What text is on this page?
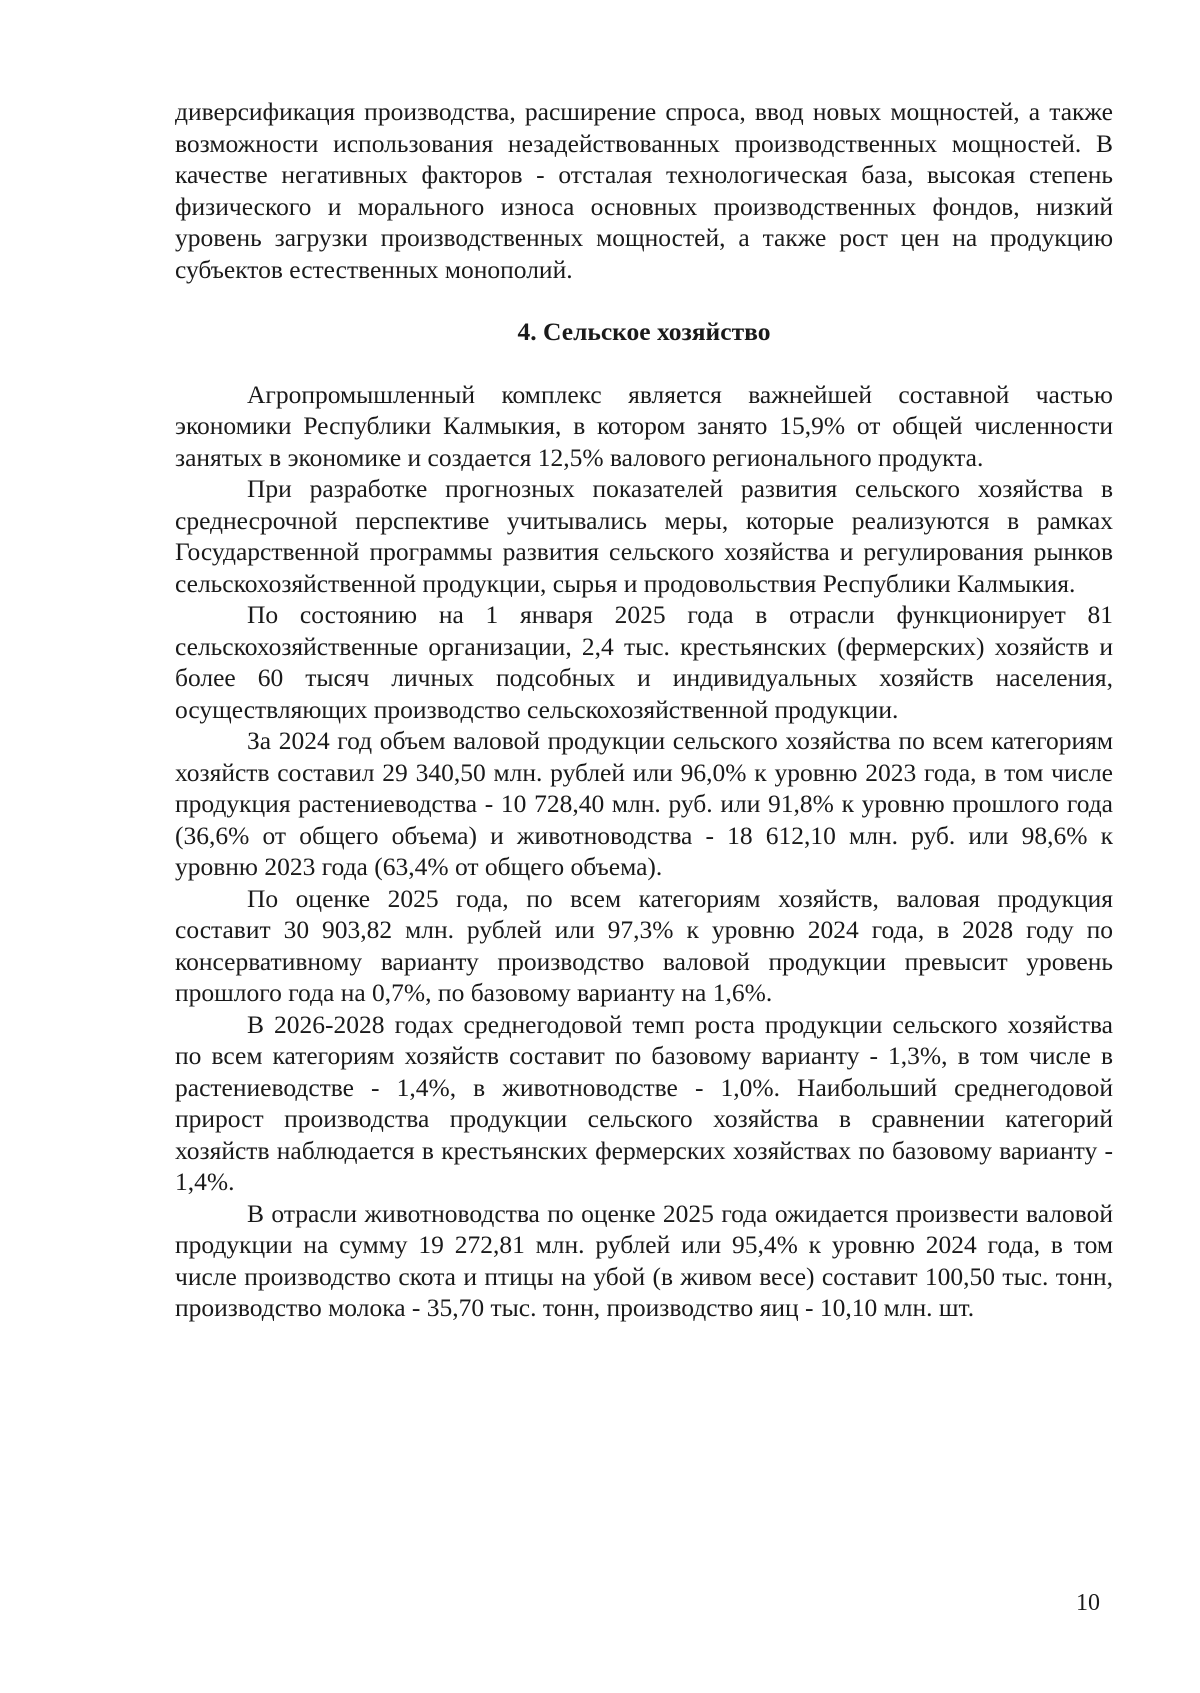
диверсификация производства, расширение спроса, ввод новых мощностей, а также возможности использования незадействованных производственных мощностей. В качестве негативных факторов - отсталая технологическая база, высокая степень физического и морального износа основных производственных фондов, низкий уровень загрузки производственных мощностей, а также рост цен на продукцию субъектов естественных монополий.

4. Сельское хозяйство

Агропромышленный комплекс является важнейшей составной частью экономики Республики Калмыкия, в котором занято 15,9% от общей численности занятых в экономике и создается 12,5% валового регионального продукта.

При разработке прогнозных показателей развития сельского хозяйства в среднесрочной перспективе учитывались меры, которые реализуются в рамках Государственной программы развития сельского хозяйства и регулирования рынков сельскохозяйственной продукции, сырья и продовольствия Республики Калмыкия.

По состоянию на 1 января 2025 года в отрасли функционирует 81 сельскохозяйственные организации, 2,4 тыс. крестьянских (фермерских) хозяйств и более 60 тысяч личных подсобных и индивидуальных хозяйств населения, осуществляющих производство сельскохозяйственной продукции.

За 2024 год объем валовой продукции сельского хозяйства по всем категориям хозяйств составил 29 340,50 млн. рублей или 96,0% к уровню 2023 года, в том числе продукция растениеводства - 10 728,40 млн. руб. или 91,8% к уровню прошлого года (36,6% от общего объема) и животноводства - 18 612,10 млн. руб. или 98,6% к уровню 2023 года (63,4% от общего объема).

По оценке 2025 года, по всем категориям хозяйств, валовая продукция составит 30 903,82 млн. рублей или 97,3% к уровню 2024 года, в 2028 году по консервативному варианту производство валовой продукции превысит уровень прошлого года на 0,7%, по базовому варианту на 1,6%.

В 2026-2028 годах среднегодовой темп роста продукции сельского хозяйства по всем категориям хозяйств составит по базовому варианту - 1,3%, в том числе в растениеводстве - 1,4%, в животноводстве - 1,0%. Наибольший среднегодовой прирост производства продукции сельского хозяйства в сравнении категорий хозяйств наблюдается в крестьянских фермерских хозяйствах по базовому варианту - 1,4%.

В отрасли животноводства по оценке 2025 года ожидается произвести валовой продукции на сумму 19 272,81 млн. рублей или 95,4% к уровню 2024 года, в том числе производство скота и птицы на убой (в живом весе) составит 100,50 тыс. тонн, производство молока - 35,70 тыс. тонн, производство яиц - 10,10 млн. шт.

10
